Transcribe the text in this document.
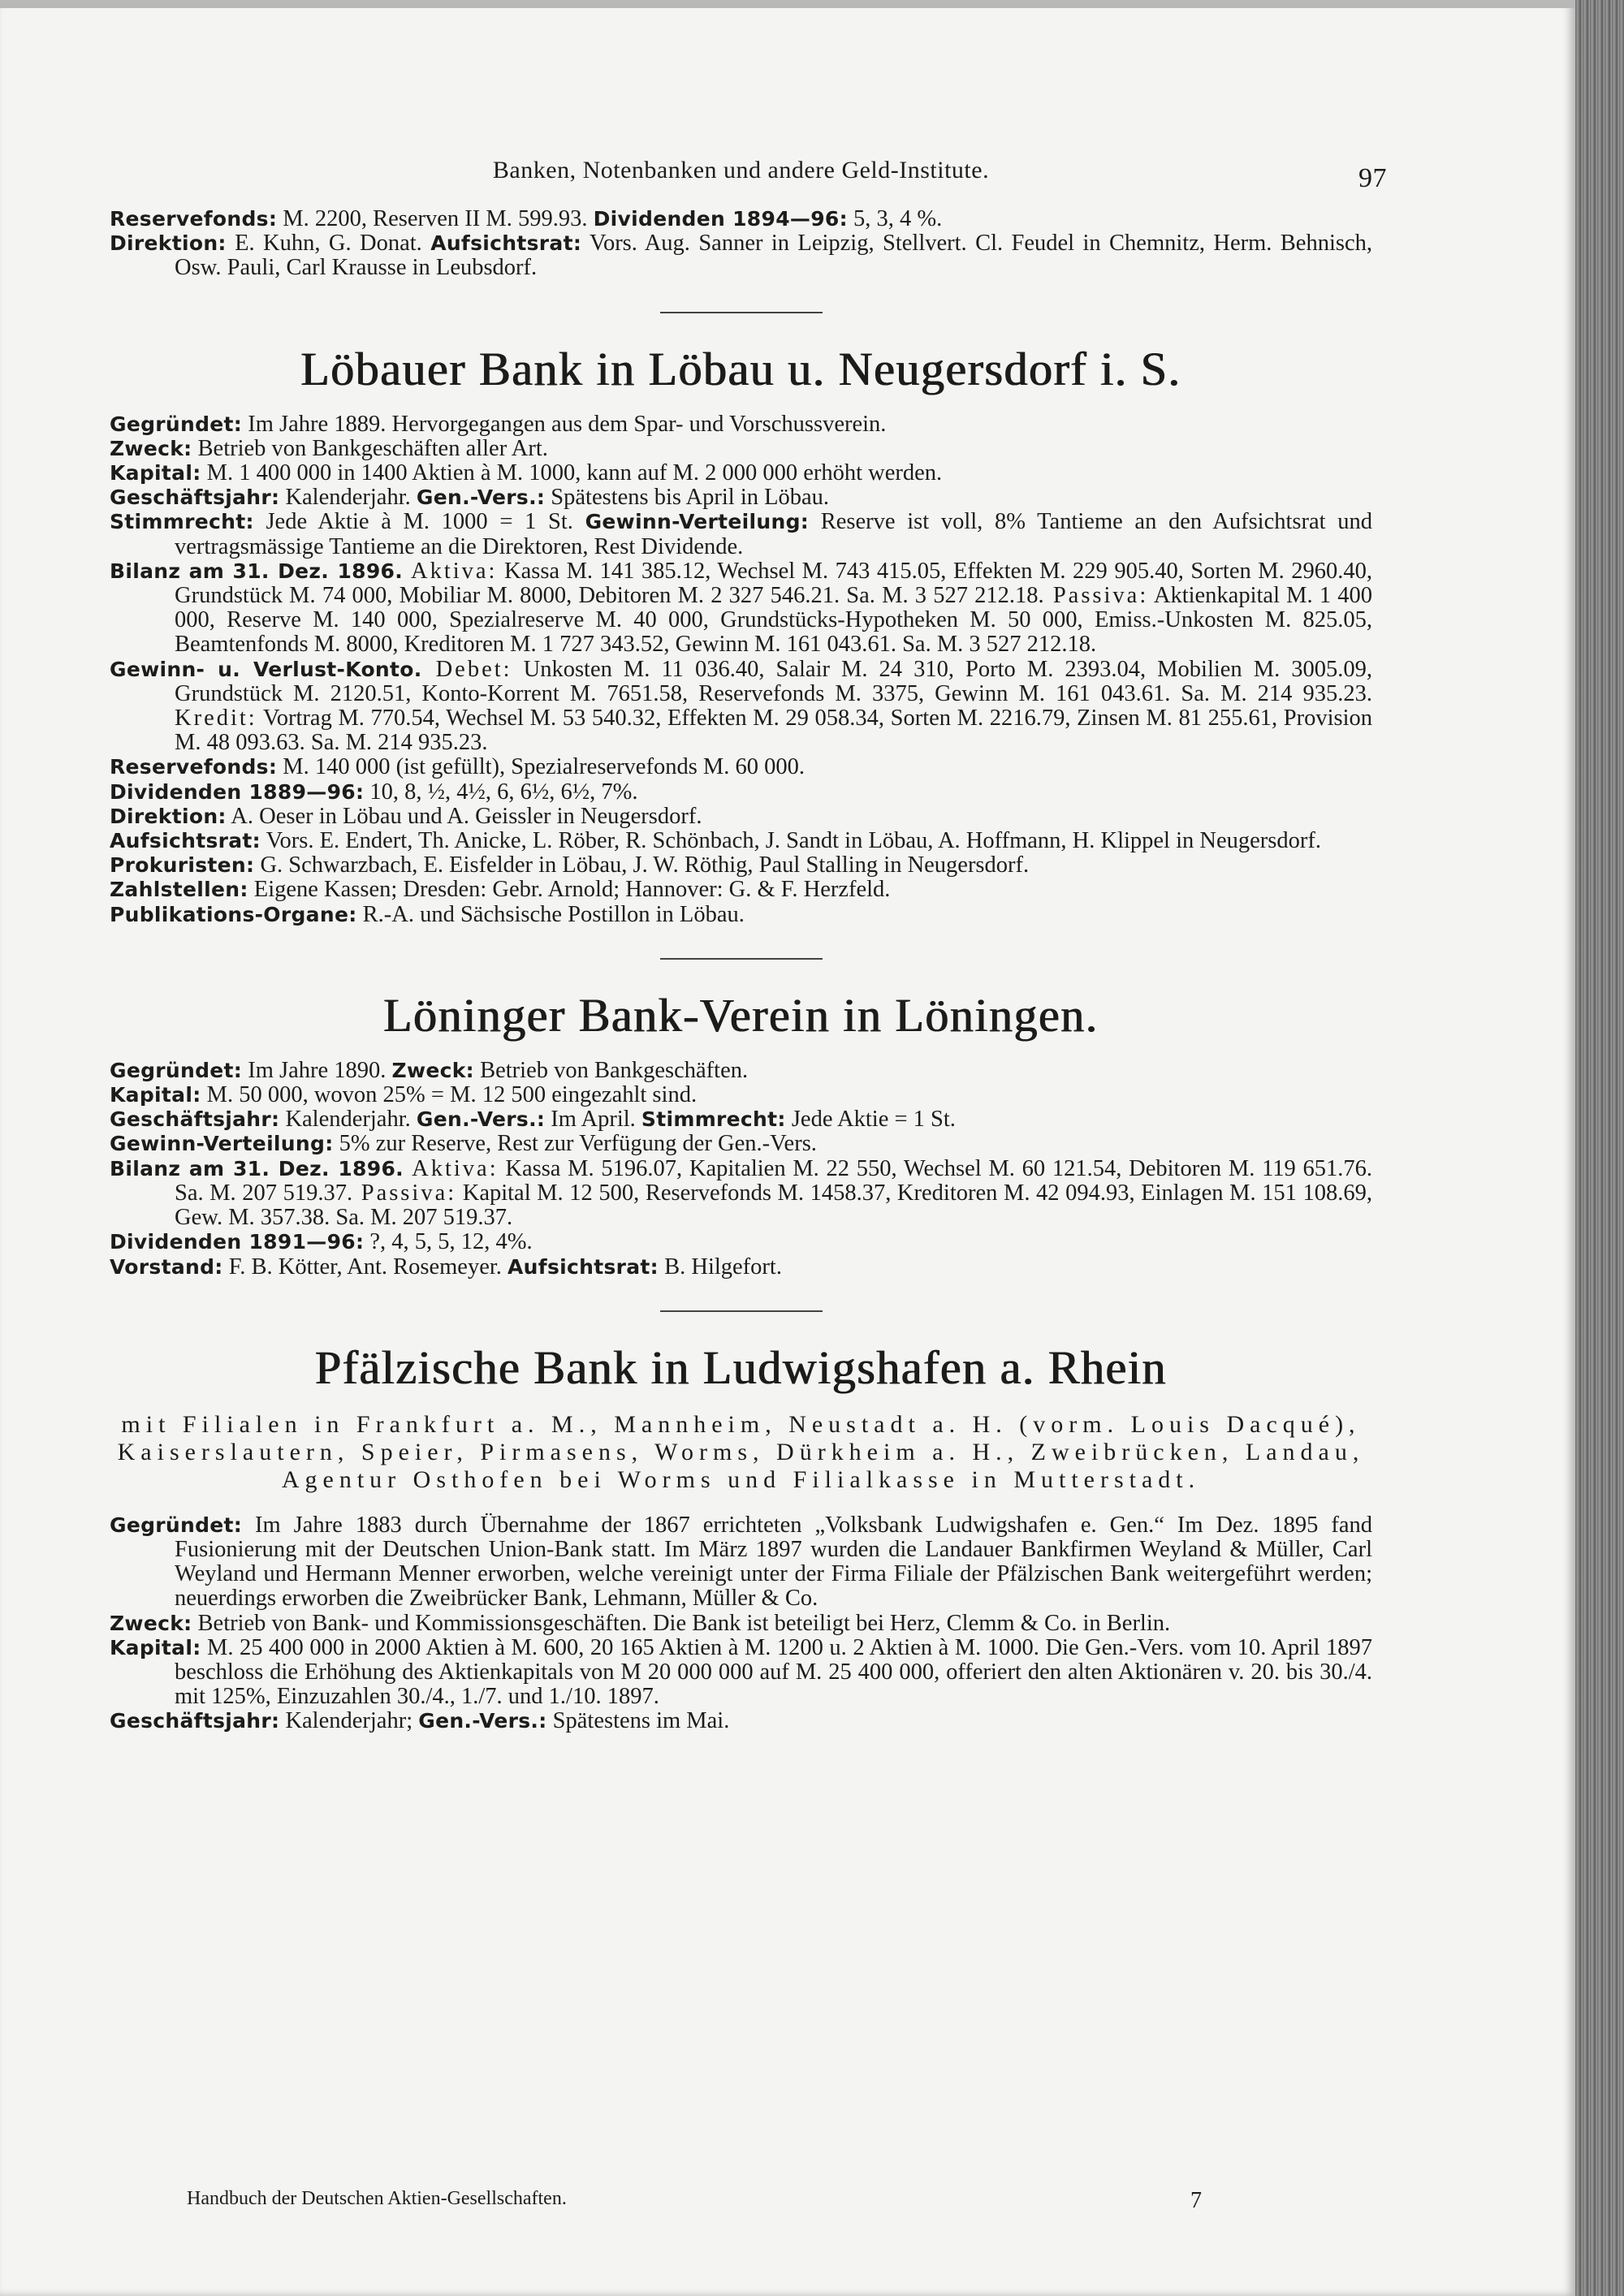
Banken, Notenbanken und andere Geld-Institute.	97

Reservefonds: M. 2200, Reserven II M. 599.93. Dividenden 1894—96: 5, 3, 4 %.

Direktion: E. Kuhn, G. Donat. Aufsichtsrat: Vors. Aug. Sanner in Leipzig, Stellvert. Cl. Feudel in Chemnitz, Herm. Behnisch, Osw. Pauli, Carl Krausse in Leubsdorf.

Löbauer Bank in Löbau u. Neugersdorf i. S.

Gegründet: Im Jahre 1889. Hervorgegangen aus dem Spar- und Vorschussverein.

Zweck: Betrieb von Bankgeschäften aller Art.

Kapital: M. 1 400 000 in 1400 Aktien à M. 1000, kann auf M. 2 000 000 erhöht werden.

Geschäftsjahr: Kalenderjahr. Gen.-Vers.: Spätestens bis April in Löbau.

Stimmrecht: Jede Aktie à M. 1000 = 1 St. Gewinn-Verteilung: Reserve ist voll, 8% Tantieme an den Aufsichtsrat und vertragsmässige Tantieme an die Direktoren, Rest Dividende.

Bilanz am 31. Dez. 1896. Aktiva: Kassa M. 141 385.12, Wechsel M. 743 415.05, Effekten M. 229 905.40, Sorten M. 2960.40, Grundstück M. 74 000, Mobiliar M. 8000, Debitoren M. 2 327 546.21. Sa. M. 3 527 212.18. Passiva: Aktienkapital M. 1 400 000, Reserve M. 140 000, Spezialreserve M. 40 000, Grundstücks-Hypotheken M. 50 000, Emiss.-Unkosten M. 825.05, Beamtenfonds M. 8000, Kreditoren M. 1 727 343.52, Gewinn M. 161 043.61. Sa. M. 3 527 212.18.

Gewinn- u. Verlust-Konto. Debet: Unkosten M. 11 036.40, Salair M. 24 310, Porto M. 2393.04, Mobilien M. 3005.09, Grundstück M. 2120.51, Konto-Korrent M. 7651.58, Reservefonds M. 3375, Gewinn M. 161 043.61. Sa. M. 214 935.23. Kredit: Vortrag M. 770.54, Wechsel M. 53 540.32, Effekten M. 29 058.34, Sorten M. 2216.79, Zinsen M. 81 255.61, Provision M. 48 093.63. Sa. M. 214 935.23.

Reservefonds: M. 140 000 (ist gefüllt), Spezialreservefonds M. 60 000.

Dividenden 1889—96: 10, 8, ½, 4½, 6, 6½, 6½, 7%.

Direktion: A. Oeser in Löbau und A. Geissler in Neugersdorf.

Aufsichtsrat: Vors. E. Endert, Th. Anicke, L. Röber, R. Schönbach, J. Sandt in Löbau, A. Hoffmann, H. Klippel in Neugersdorf.

Prokuristen: G. Schwarzbach, E. Eisfelder in Löbau, J. W. Röthig, Paul Stalling in Neugersdorf.

Zahlstellen: Eigene Kassen; Dresden: Gebr. Arnold; Hannover: G. & F. Herzfeld.

Publikations-Organe: R.-A. und Sächsische Postillon in Löbau.

Löninger Bank-Verein in Löningen.

Gegründet: Im Jahre 1890. Zweck: Betrieb von Bankgeschäften.

Kapital: M. 50 000, wovon 25% = M. 12 500 eingezahlt sind.

Geschäftsjahr: Kalenderjahr. Gen.-Vers.: Im April. Stimmrecht: Jede Aktie = 1 St.

Gewinn-Verteilung: 5% zur Reserve, Rest zur Verfügung der Gen.-Vers.

Bilanz am 31. Dez. 1896. Aktiva: Kassa M. 5196.07, Kapitalien M. 22 550, Wechsel M. 60 121.54, Debitoren M. 119 651.76. Sa. M. 207 519.37. Passiva: Kapital M. 12 500, Reservefonds M. 1458.37, Kreditoren M. 42 094.93, Einlagen M. 151 108.69, Gew. M. 357.38. Sa. M. 207 519.37.

Dividenden 1891—96: ?, 4, 5, 5, 12, 4%.

Vorstand: F. B. Kötter, Ant. Rosemeyer. Aufsichtsrat: B. Hilgefort.

Pfälzische Bank in Ludwigshafen a. Rhein

mit Filialen in Frankfurt a. M., Mannheim, Neustadt a. H. (vorm. Louis Dacqué), Kaiserslautern, Speier, Pirmasens, Worms, Dürkheim a. H., Zweibrücken, Landau, Agentur Osthofen bei Worms und Filialkasse in Mutterstadt.

Gegründet: Im Jahre 1883 durch Übernahme der 1867 errichteten „Volksbank Ludwigshafen e. Gen.“ Im Dez. 1895 fand Fusionierung mit der Deutschen Union-Bank statt. Im März 1897 wurden die Landauer Bankfirmen Weyland & Müller, Carl Weyland und Hermann Menner erworben, welche vereinigt unter der Firma Filiale der Pfälzischen Bank weitergeführt werden; neuerdings erworben die Zweibrücker Bank, Lehmann, Müller & Co.

Zweck: Betrieb von Bank- und Kommissionsgeschäften. Die Bank ist beteiligt bei Herz, Clemm & Co. in Berlin.

Kapital: M. 25 400 000 in 2000 Aktien à M. 600, 20 165 Aktien à M. 1200 u. 2 Aktien à M. 1000. Die Gen.-Vers. vom 10. April 1897 beschloss die Erhöhung des Aktienkapitals von M 20 000 000 auf M. 25 400 000, offeriert den alten Aktionären v. 20. bis 30./4. mit 125%, Einzuzahlen 30./4., 1./7. und 1./10. 1897.

Geschäftsjahr: Kalenderjahr; Gen.-Vers.: Spätestens im Mai.

Handbuch der Deutschen Aktien-Gesellschaften.	7
